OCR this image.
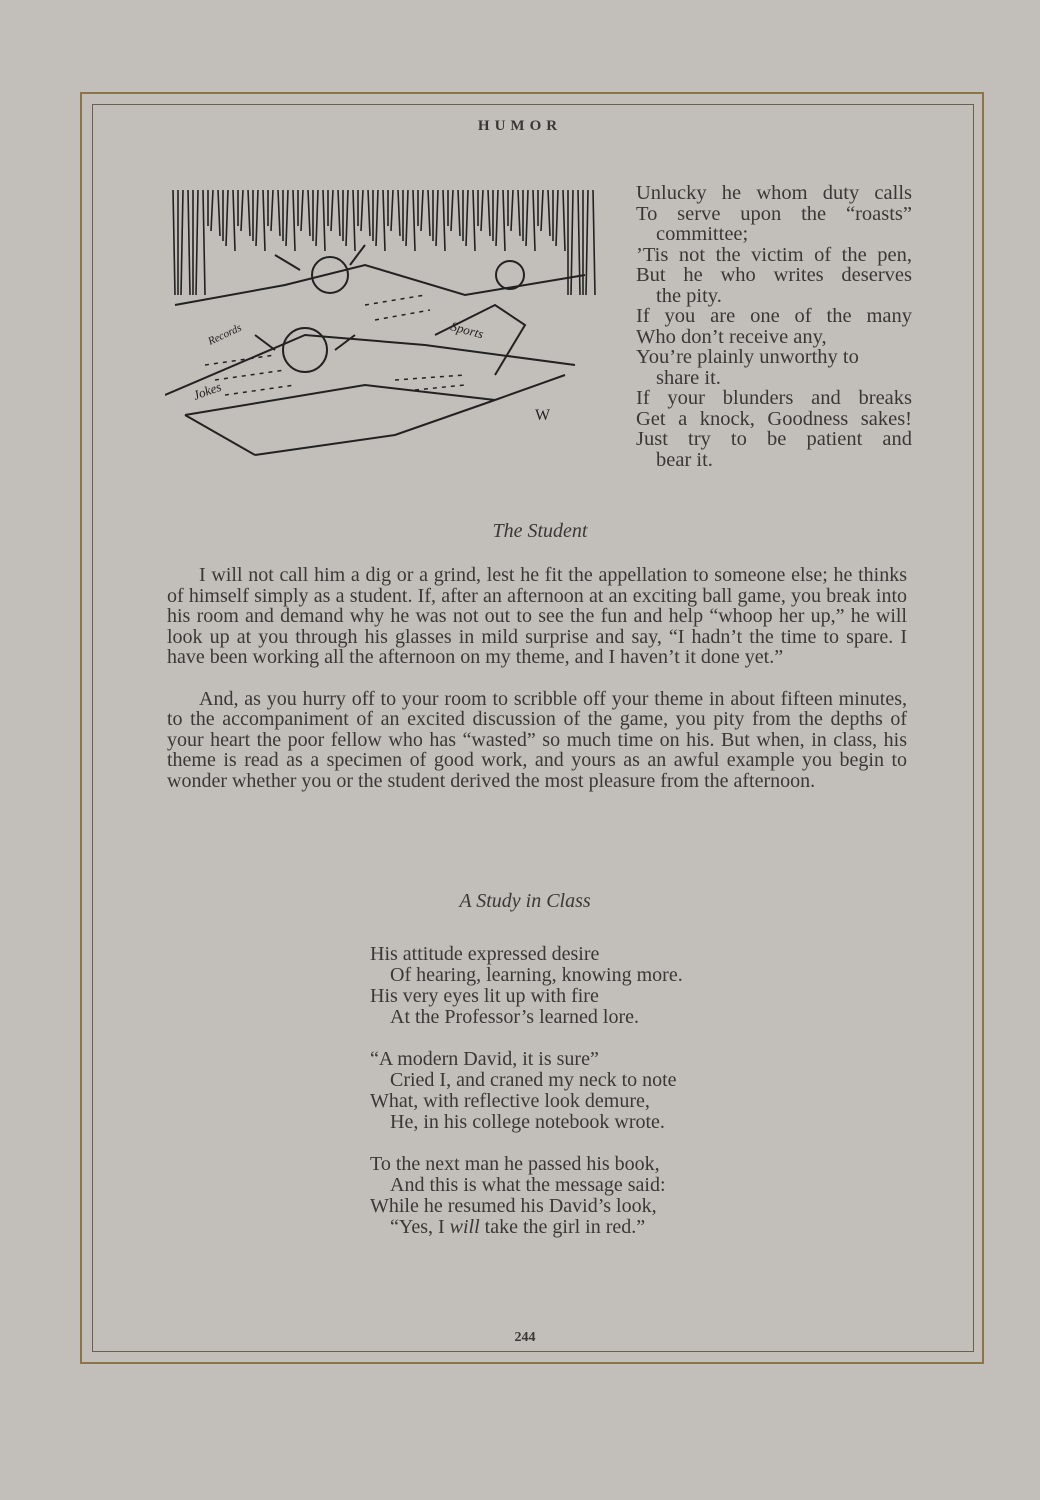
HUMOR
Jokes
Records	Sports
W
Unlucky he whom duty calls
To serve upon the “roasts”
committee;
’Tis not the victim of the pen,
But he who writes deserves
the pity.
If you are one of the many
Who don’t receive any,
You’re plainly unworthy to
share it.
If your blunders and breaks
Get a knock, Goodness sakes!
Just try to be patient and
bear it.
The Student

I will not call him a dig or a grind, lest he fit the appellation to someone else; he thinks of himself simply as a student. If, after an afternoon at an exciting ball game, you break into his room and demand why he was not out to see the fun and help “whoop her up,” he will look up at you through his glasses in mild surprise and say, “I hadn’t the time to spare. I have been working all the afternoon on my theme, and I haven’t it done yet.”

And, as you hurry off to your room to scribble off your theme in about fifteen minutes, to the accompaniment of an excited discussion of the game, you pity from the depths of your heart the poor fellow who has “wasted” so much time on his. But when, in class, his theme is read as a specimen of good work, and yours as an awful example you begin to wonder whether you or the student derived the most pleasure from the afternoon.

A Study in Class
His attitude expressed desire
Of hearing, learning, knowing more.
His very eyes lit up with fire
At the Professor’s learned lore.
“A modern David, it is sure”
Cried I, and craned my neck to note
What, with reflective look demure,
He, in his college notebook wrote.
To the next man he passed his book,
And this is what the message said:
While he resumed his David’s look,
“Yes, I will take the girl in red.”
244
